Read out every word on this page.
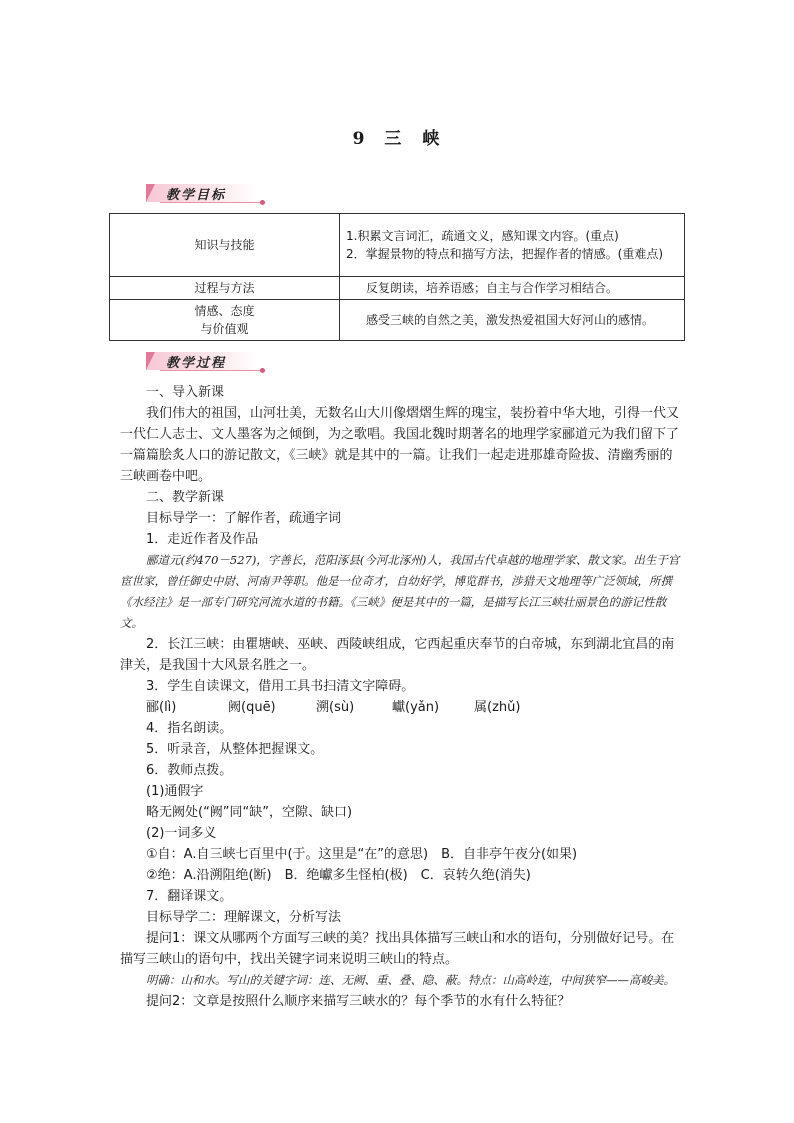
9 三　峡
教学目标
知识与技能	1.积累文言词汇，疏通文义，感知课文内容。(重点)
2．掌握景物的特点和描写方法，把握作者的情感。(重难点)

过程与方法	反复朗读，培养语感；自主与合作学习相结合。

情感、态度
与价值观	感受三峡的自然之美，激发热爱祖国大好河山的感情。
教学过程

一、导入新课

我们伟大的祖国，山河壮美，无数名山大川像熠熠生辉的瑰宝，装扮着中华大地，引得一代又一代仁人志士、文人墨客为之倾倒，为之歌唱。我国北魏时期著名的地理学家郦道元为我们留下了一篇篇脍炙人口的游记散文，《三峡》就是其中的一篇。让我们一起走进那雄奇险拔、清幽秀丽的三峡画卷中吧。

二、教学新课

目标导学一：了解作者，疏通字词

1．走近作者及作品

郦道元(约470－527)，字善长，范阳涿县(今河北涿州)人，我国古代卓越的地理学家、散文家。出生于官宦世家，曾任御史中尉、河南尹等职。他是一位奇才，自幼好学，博览群书，涉猎天文地理等广泛领域，所撰《水经注》是一部专门研究河流水道的书籍。《三峡》便是其中的一篇，是描写长江三峡壮丽景色的游记性散文。

2．长江三峡：由瞿塘峡、巫峡、西陵峡组成，它西起重庆奉节的白帝城，东到湖北宜昌的南津关，是我国十大风景名胜之一。

3．学生自读课文，借用工具书扫清文字障碍。

郦(lì)	阙(quē)	溯(sù)	巘(yǎn)	属(zhǔ)

4．指名朗读。

5．听录音，从整体把握课文。

6．教师点拨。

(1)通假字

略无阙处(“阙”同“缺”，空隙、缺口)

(2)一词多义

①自：A.自三峡七百里中(于。这里是“在”的意思)　B．自非亭午夜分(如果)

②绝：A.沿溯阻绝(断)　B．绝巘多生怪柏(极)　C．哀转久绝(消失)

7．翻译课文。

目标导学二：理解课文，分析写法

提问1：课文从哪两个方面写三峡的美？找出具体描写三峡山和水的语句，分别做好记号。在描写三峡山的语句中，找出关键字词来说明三峡山的特点。

明确：山和水。写山的关键字词：连、无阙、重、叠、隐、蔽。特点：山高岭连，中间狭窄——高峻美。

提问2：文章是按照什么顺序来描写三峡水的？每个季节的水有什么特征？
